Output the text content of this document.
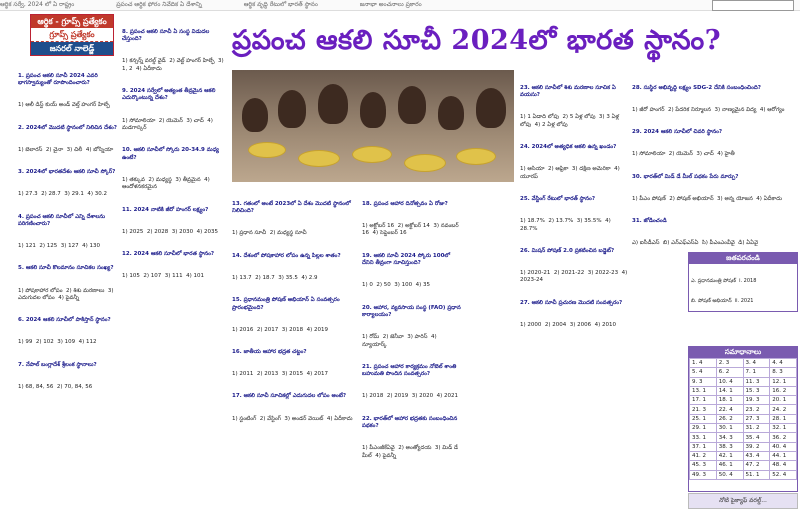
ఆర్థిక సర్వే, 2024 లో ఏ రాష్ట్రం	ప్రపంచ ఆర్థిక ఫోరం నివేదిక ఏ దేశాన్ని	ఆర్థిక వృద్ధి రేటులో భారత్ స్థానం	జనాభా అంచనాలు ప్రకారం
ఆర్థిక - గ్రూప్స్ ప్రత్యేకం
గ్రూప్స్ ప్రత్యేకం
జనరల్ నాలెడ్జ్	ప్రపంచ ఆకలి సూచీ 2024లో భారత స్థానం?

1. ప్రపంచ ఆకలి సూచీ 2024 ఎవరి భాగస్వామ్యంతో రూపొందించారు?

1) ఆలీ డిస్ట్ కుయ్ అండ్ వెల్త్ హంగర్ హిల్ఫే

2. 2024లో మొదటి స్థానంలో నిలిచిన దేశం?

1) బెలారస్  2) చైనా  3) చిలీ  4) బోస్నియా

3. 2024లో భారతదేశం ఆకలి సూచీ స్కోర్?

1) 27.3  2) 28.7  3) 29.1  4) 30.2

4. ప్రపంచ ఆకలి సూచీలో ఎన్ని దేశాలను పరిగణించారు?

1) 121  2) 125  3) 127  4) 130

5. ఆకలి సూచీ కొలమానం సూచికల సంఖ్య?

1) పోషకాహార లోపం  2) శిశు మరణాలు  3) ఎదుగుదల లోపం  4) పైవన్నీ

6. 2024 ఆకలి సూచీలో పాకిస్తాన్ స్థానం?

1) 99  2) 102  3) 109  4) 112

7. నేపాల్ బంగ్లాదేశ్ శ్రీలంక స్థానాలు?

1) 68, 84, 56  2) 70, 84, 56

8. ప్రపంచ ఆకలి సూచీ ఏ సంస్థ విడుదల చేస్తుంది?

1) కన్సర్న్ వరల్డ్ వైడ్  2) వెల్ట్ హంగర్ హిల్ఫే  3) 1, 2  4) ఏదీకాదు

9. 2024 సర్వేలో అత్యంత తీవ్రమైన ఆకలి ఎదుర్కొంటున్న దేశం?

1) సోమాలియా  2) యెమెన్  3) చాద్  4) మడగాస్కర్

10. ఆకలి సూచీలో స్కోరు 20-34.9 మధ్య ఉంటే?

1) తక్కువ  2) మధ్యస్థ  3) తీవ్రమైన  4) ఆందోళనకరమైన

11. 2024 నాటికి జీరో హంగర్ లక్ష్యం?

1) 2025  2) 2028  3) 2030  4) 2035

12. 2024 ఆకలి సూచీలో భారత స్థానం?

1) 105  2) 107  3) 111  4) 101

13. గతంలో అంటే 2023లో ఏ దేశం మొదటి స్థానంలో నిలిచింది?

1) ప్రధాన సూచీ  2) మధ్యస్థ సూచీ

14. దేశంలో పోషకాహార లోపం ఉన్న పిల్లల శాతం?

1) 13.7  2) 18.7  3) 35.5  4) 2.9

15. ప్రధానమంత్రి పోషణ్ అభియాన్ ఏ సంవత్సరం ప్రారంభమైంది?

1) 2016  2) 2017  3) 2018  4) 2019

16. జాతీయ ఆహార భద్రత చట్టం?

1) 2011  2) 2013  3) 2015  4) 2017

17. ఆకలి సూచీ సూచికల్లో ఎదుగుదల లోపం అంటే?

1) స్టంటింగ్  2) వేస్టింగ్  3) అండర్ వెయిట్  4) ఏదీకాదు

18. ప్రపంచ ఆహార దినోత్సవం ఏ రోజు?

1) అక్టోబర్ 16  2) అక్టోబర్ 14  3) నవంబర్ 16  4) సెప్టెంబర్ 16

19. ఆకలి సూచీ 2024 స్కోరు 100లో దేనిని తీవ్రంగా సూచిస్తుంది?

1) 0  2) 50  3) 100  4) 35

20. ఆహార, వ్యవసాయ సంస్థ (FAO) ప్రధాన కార్యాలయం?

1) రోమ్  2) జెనీవా  3) పారిస్  4) న్యూయార్క్

21. ప్రపంచ ఆహార కార్యక్రమం నోబెల్ శాంతి బహుమతి పొందిన సంవత్సరం?

1) 2018  2) 2019  3) 2020  4) 2021

22. భారత్‌లో ఆహార భద్రతకు సంబంధించిన పథకం?

1) పీఎంజీకేఏవై  2) అంత్యోదయ  3) మిడ్ డే మీల్  4) పైవన్నీ

23. ఆకలి సూచీలో శిశు మరణాల సూచిక ఏ వయసు?

1) 1 ఏడాది లోపు  2) 5 ఏళ్ల లోపు  3) 3 ఏళ్ల లోపు  4) 2 ఏళ్ల లోపు

24. 2024లో అత్యధిక ఆకలి ఉన్న ఖండం?

1) ఆసియా  2) ఆఫ్రికా  3) దక్షిణ అమెరికా  4) యూరప్

25. వేస్టింగ్ రేటులో భారత్ స్థానం?

1) 18.7%  2) 13.7%  3) 35.5%  4) 28.7%

26. మిషన్ పోషణ్ 2.0 ప్రకటించిన బడ్జెట్?

1) 2020-21  2) 2021-22  3) 2022-23  4) 2023-24

27. ఆకలి సూచీ ప్రచురణ మొదటి సంవత్సరం?

1) 2000  2) 2004  3) 2006  4) 2010

28. సుస్థిర అభివృద్ధి లక్ష్యం SDG-2 దేనికి సంబంధించింది?

1) జీరో హంగర్  2) పేదరిక నిర్మూలన  3) నాణ్యమైన విద్య  4) ఆరోగ్యం

29. 2024 ఆకలి సూచీలో చివరి స్థానం?

1) సోమాలియా  2) యెమెన్  3) చాద్  4) హైతీ

30. భారత్‌లో మిడ్ డే మీల్ పథకం పేరు మార్పు?

1) పీఎం పోషణ్  2) పోషణ్ అభియాన్  3) అన్న యోజన  4) ఏదీకాదు

31. జోడించండి

ఎ) ఐసీడీఎస్  బి) ఎన్ఎఫ్ఎస్ఏ  సి) పీఎంఎంవీవై  డి) ఏఏవై

జతపరచండి

ఎ. ప్రధానమంత్రి పోషణ్  i. 2018

బి. పోషణ్ అభియాన్  ii. 2021

సమాధానాలు
1. 4	2. 3	3. 4	4. 4
5. 4	6. 2	7. 1	8. 3
9. 3	10. 4	11. 3	12. 1
13. 1	14. 1	15. 3	16. 2
17. 1	18. 1	19. 3	20. 1
21. 3	22. 4	23. 2	24. 2
25. 1	26. 2	27. 3	28. 1
29. 1	30. 1	31. 2	32. 1
33. 1	34. 3	35. 4	36. 2
37. 1	38. 3	39. 2	40. 4
41. 2	42. 1	43. 4	44. 1
45. 3	46. 1	47. 2	48. 4
49. 3	50. 4	51. 1	52. 4
నోటి పైక్యాఫ్ వరల్డ్...
